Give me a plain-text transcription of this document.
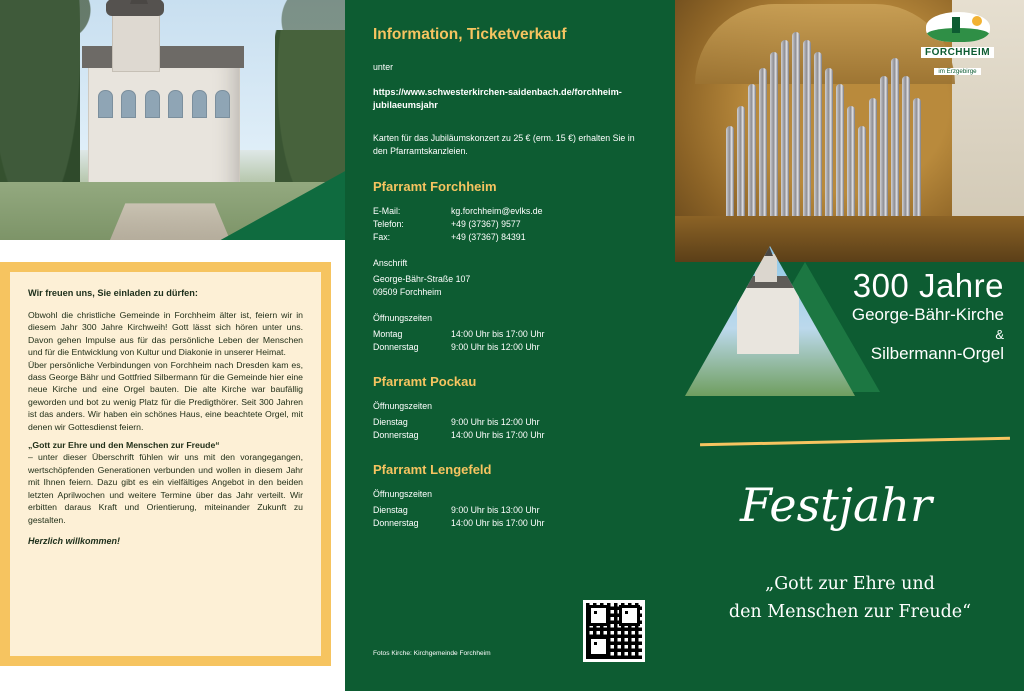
Wir freuen uns, Sie einladen zu dürfen:

Obwohl die christliche Gemeinde in Forchheim älter ist, feiern wir in diesem Jahr 300 Jahre Kirchweih! Gott lässt sich hören unter uns. Davon gehen Impulse aus für das persönliche Leben der Menschen und für die Entwicklung von Kultur und Diakonie in unserer Heimat.

Über persönliche Verbindungen von Forchheim nach Dresden kam es, dass George Bähr und Gottfried Silbermann für die Gemeinde hier eine neue Kirche und eine Orgel bauten. Die alte Kirche war baufällig geworden und bot zu wenig Platz für die Predigthörer. Seit 300 Jahren ist das anders. Wir haben ein schönes Haus, eine beachtete Orgel, mit denen wir Gottesdienst feiern.

„Gott zur Ehre und den Menschen zur Freude“

– unter dieser Überschrift fühlen wir uns mit den vorangegangen, wertschöpfenden Generationen verbunden und wollen in diesem Jahr mit Ihnen feiern. Dazu gibt es ein vielfältiges Angebot in den beiden letzten Aprilwochen und weitere Termine über das Jahr verteilt. Wir erbitten daraus Kraft und Orientierung, miteinander Zukunft zu gestalten.

Herzlich willkommen!
Information, Ticketverkauf
unter
https://www.schwesterkirchen-saidenbach.de/forchheim-jubilaeumsjahr
Karten für das Jubiläumskonzert zu 25 € (erm. 15 €) erhalten Sie in den Pfarramtskanzleien.
Pfarramt Forchheim
E-Mail:	kg.forchheim@evlks.de
Telefon:	+49 (37367) 9577
Fax:	+49 (37367) 84391
Anschrift
George-Bähr-Straße 107
09509 Forchheim
Öffnungszeiten
Montag	14:00 Uhr bis 17:00 Uhr
Donnerstag	9:00 Uhr bis 12:00 Uhr
Pfarramt Pockau
Öffnungszeiten
Dienstag	9:00 Uhr bis 12:00 Uhr
Donnerstag	14:00 Uhr bis 17:00 Uhr
Pfarramt Lengefeld
Öffnungszeiten
Dienstag	9:00 Uhr bis 13:00 Uhr
Donnerstag	14:00 Uhr bis 17:00 Uhr
Fotos Kirche: Kirchgemeinde Forchheim
FORCHHEIM
im Erzgebirge
300 Jahre
George-Bähr-Kirche
&
Silbermann-Orgel
Festjahr
„Gott zur Ehre und
den Menschen zur Freude“
